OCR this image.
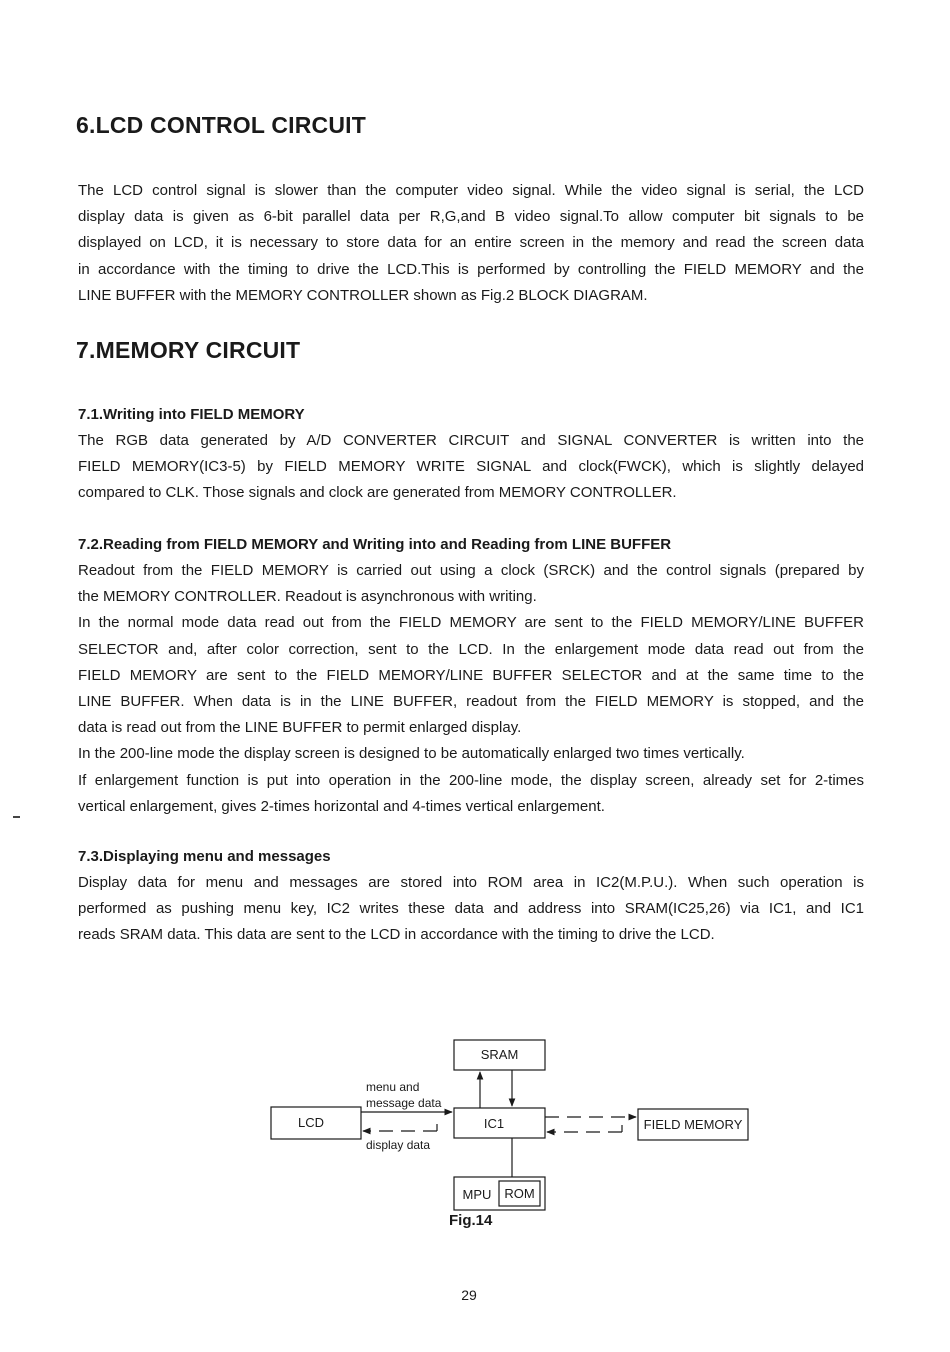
6.LCD CONTROL CIRCUIT
The LCD control signal is slower than the computer video signal. While the video signal is serial, the LCD
display data is given as 6-bit parallel data per R,G,and B video signal.To allow computer bit signals to be
displayed on LCD, it is necessary to store data for an entire screen in the memory and read the screen data
in accordance with the timing to drive the LCD.This is performed by controlling the FIELD MEMORY and the
LINE BUFFER with the MEMORY CONTROLLER shown as Fig.2 BLOCK DIAGRAM.
7.MEMORY CIRCUIT
7.1.Writing into FIELD MEMORY
The RGB data generated by A/D CONVERTER CIRCUIT and SIGNAL CONVERTER is written into the
FIELD MEMORY(IC3-5) by FIELD MEMORY WRITE SIGNAL and clock(FWCK), which is slightly delayed
compared to CLK. Those signals and clock are generated from MEMORY CONTROLLER.
7.2.Reading from FIELD MEMORY and Writing into and Reading from LINE BUFFER
Readout from the FIELD MEMORY is carried out using a clock (SRCK) and the control signals (prepared by
the MEMORY CONTROLLER. Readout is asynchronous with writing.
In the normal mode data read out from the FIELD MEMORY are sent to the FIELD MEMORY/LINE BUFFER
SELECTOR and, after color correction, sent to the LCD. In the enlargement mode data read out from the
FIELD MEMORY are sent to the FIELD MEMORY/LINE BUFFER SELECTOR and at the same time to the
LINE BUFFER. When data is in the LINE BUFFER, readout from the FIELD MEMORY is stopped, and the
data is read out from the LINE BUFFER to permit enlarged display.
In the 200-line mode the display screen is designed to be automatically enlarged two times vertically.
If enlargement function is put into operation in the 200-line mode, the display screen, already set for 2-times
vertical enlargement, gives 2-times horizontal and 4-times vertical enlargement.
7.3.Displaying menu and messages
Display data for menu and messages are stored into ROM area in IC2(M.P.U.). When such operation is
performed as pushing menu key, IC2 writes these data and address into SRAM(IC25,26) via IC1, and IC1
reads SRAM data. This data are sent to the LCD in accordance with the timing to drive the LCD.
SRAM
IC1
LCD	FIELD MEMORY
MPU ROM
menu and
message data
display data

Fig.14

29
